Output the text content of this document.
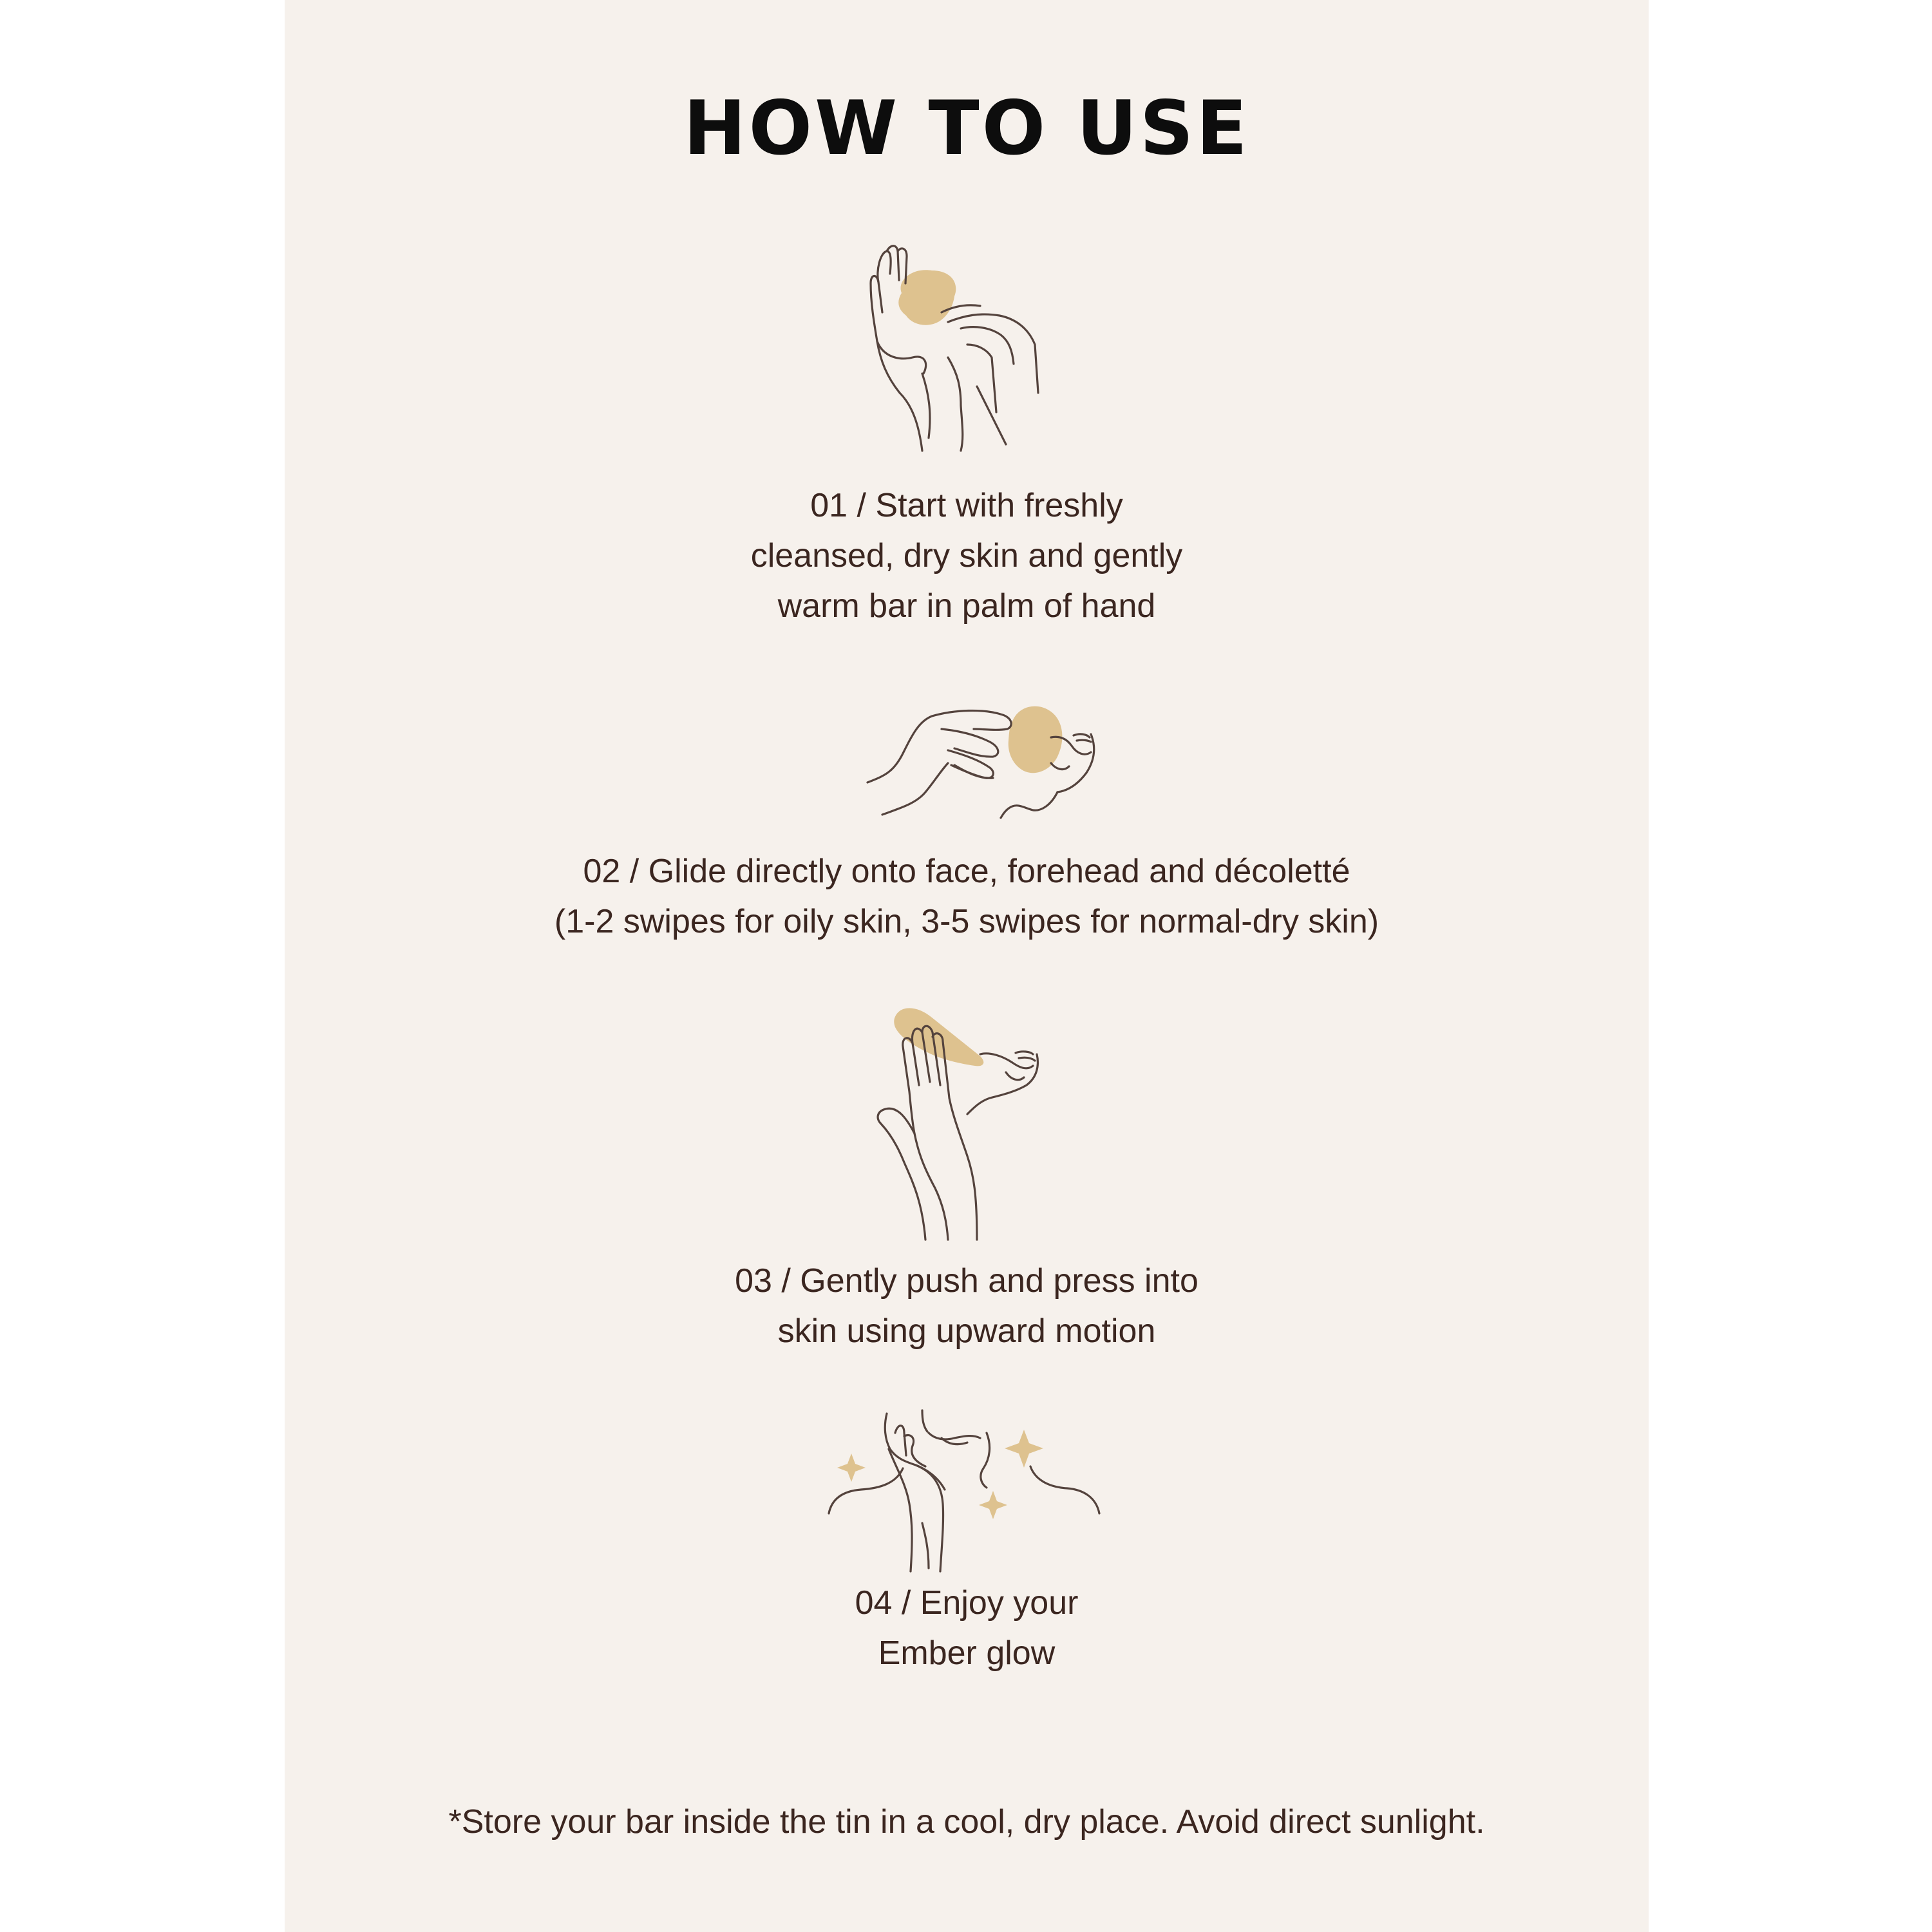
HOW TO USE
01 / Start with freshly
cleansed, dry skin and gently
warm bar in palm of hand
02 / Glide directly onto face, forehead and décoletté
(1-2 swipes for oily skin, 3-5 swipes for normal-dry skin)
03 / Gently push and press into
skin using upward motion
04 / Enjoy your
Ember glow
*Store your bar inside the tin in a cool, dry place. Avoid direct sunlight.
